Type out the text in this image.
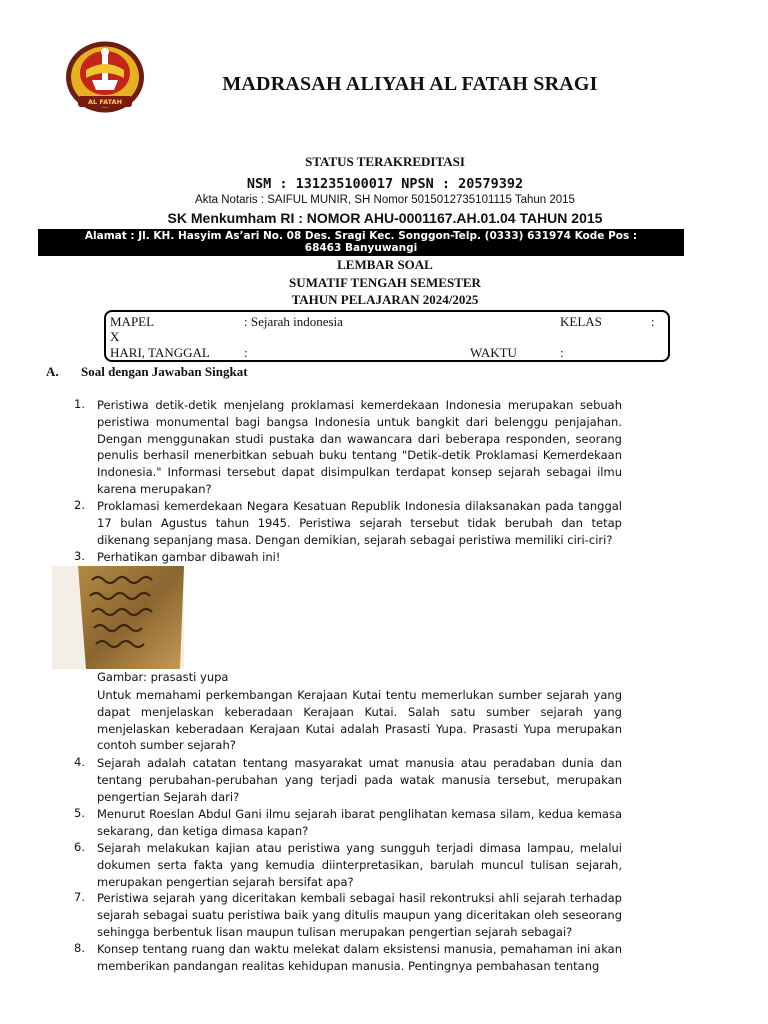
AL FATAH
MADRASAH ALIYAH AL FATAH SRAGI
STATUS TERAKREDITASI
NSM : 131235100017 NPSN : 20579392
Akta Notaris : SAIFUL MUNIR, SH Nomor 5015012735101115 Tahun 2015
SK Menkumham RI : NOMOR AHU-0001167.AH.01.04 TAHUN 2015
Alamat : Jl. KH. Hasyim As’ari No. 08 Des. Sragi Kec. Songgon-Telp. (0333) 631974 Kode Pos :
68463 Banyuwangi
LEMBAR SOAL
SUMATIF TENGAH SEMESTER
TAHUN PELAJARAN 2024/2025
MAPEL	: Sejarah indonesia	KELAS	:
X
HARI, TANGGAL	:	WAKTU	:
A. Soal dengan Jawaban Singkat
1.	Peristiwa detik-detik menjelang proklamasi kemerdekaan Indonesia merupakan sebuah peristiwa monumental bagi bangsa Indonesia untuk bangkit dari belenggu penjajahan. Dengan menggunakan studi pustaka dan wawancara dari beberapa responden, seorang penulis berhasil menerbitkan sebuah buku tentang "Detik-detik Proklamasi Kemerdekaan Indonesia." Informasi tersebut dapat disimpulkan terdapat konsep sejarah sebagai ilmu karena merupakan?
2.	Proklamasi kemerdekaan Negara Kesatuan Republik Indonesia dilaksanakan pada tanggal 17 bulan Agustus tahun 1945. Peristiwa sejarah tersebut tidak berubah dan tetap dikenang sepanjang masa. Dengan demikian, sejarah sebagai peristiwa memiliki ciri-ciri?
3.	Perhatikan gambar dibawah ini!
Gambar: prasasti yupa
Untuk memahami perkembangan Kerajaan Kutai tentu memerlukan sumber sejarah yang dapat menjelaskan keberadaan Kerajaan Kutai. Salah satu sumber sejarah yang menjelaskan keberadaan Kerajaan Kutai adalah Prasasti Yupa. Prasasti Yupa merupakan contoh sumber sejarah?
4.	Sejarah adalah catatan tentang masyarakat umat manusia atau peradaban dunia dan tentang perubahan-perubahan yang terjadi pada watak manusia tersebut, merupakan pengertian Sejarah dari?
5.	Menurut Roeslan Abdul Gani ilmu sejarah ibarat penglihatan kemasa silam, kedua kemasa sekarang, dan ketiga dimasa kapan?
6.	Sejarah melakukan kajian atau peristiwa yang sungguh terjadi dimasa lampau, melalui dokumen serta fakta yang kemudia diinterpretasikan, barulah muncul tulisan sejarah, merupakan pengertian sejarah bersifat apa?
7.	Peristiwa sejarah yang diceritakan kembali sebagai hasil rekontruksi ahli sejarah terhadap sejarah sebagai suatu peristiwa baik yang ditulis maupun yang diceritakan oleh seseorang sehingga berbentuk lisan maupun tulisan merupakan pengertian sejarah sebagai?
8.	Konsep tentang ruang dan waktu melekat dalam eksistensi manusia, pemahaman ini akan memberikan pandangan realitas kehidupan manusia. Pentingnya pembahasan tentang
